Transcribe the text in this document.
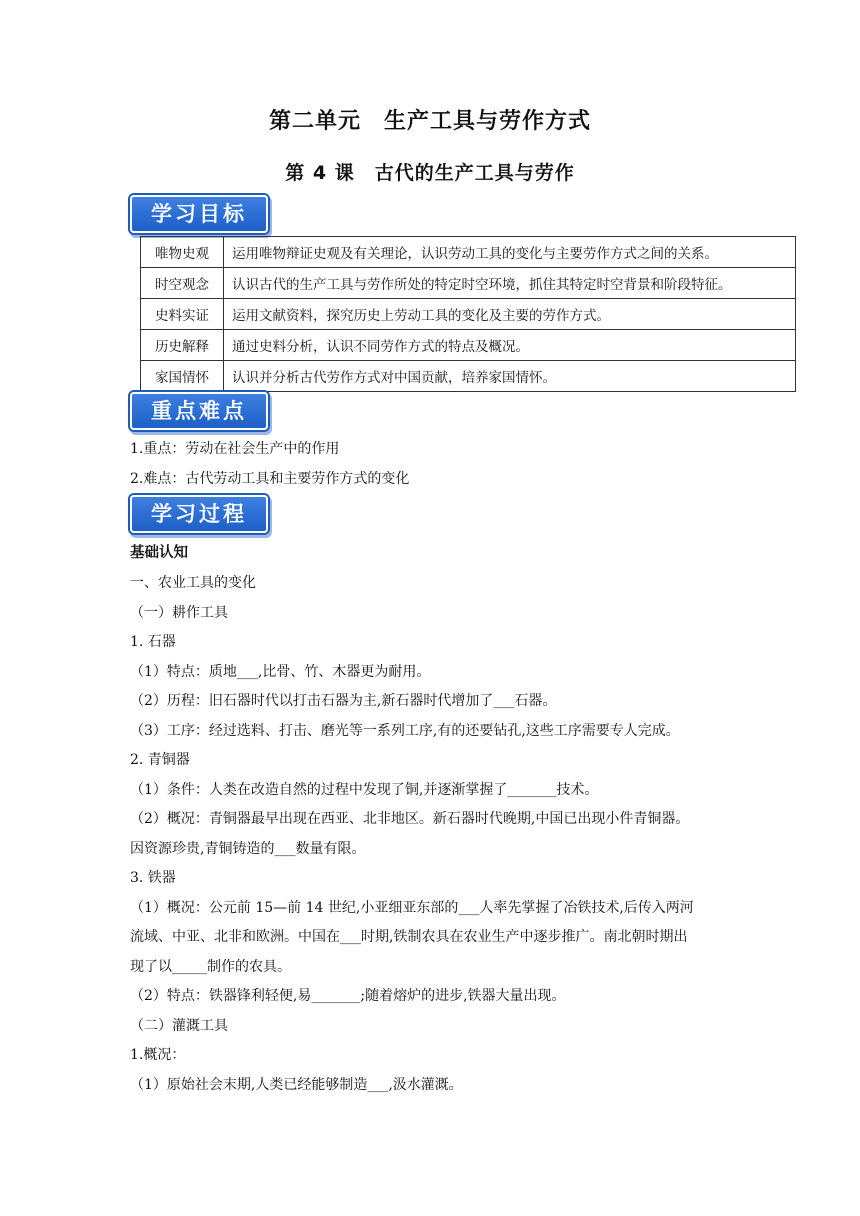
第二单元　生产工具与劳作方式
第 4 课　古代的生产工具与劳作
学习目标
唯物史观	运用唯物辩证史观及有关理论，认识劳动工具的变化与主要劳作方式之间的关系。
时空观念	认识古代的生产工具与劳作所处的特定时空环境，抓住其特定时空背景和阶段特征。
史料实证	运用文献资料，探究历史上劳动工具的变化及主要的劳作方式。
历史解释	通过史料分析，认识不同劳作方式的特点及概况。
家国情怀	认识并分析古代劳作方式对中国贡献，培养家国情怀。
重点难点
1.重点：劳动在社会生产中的作用
2.难点：古代劳动工具和主要劳作方式的变化
学习过程
基础认知
一、农业工具的变化
（一）耕作工具
1. 石器
（1）特点：质地___,比骨、竹、木器更为耐用。
（2）历程：旧石器时代以打击石器为主,新石器时代增加了___石器。
（3）工序：经过选料、打击、磨光等一系列工序,有的还要钻孔,这些工序需要专人完成。
2. 青铜器
（1）条件：人类在改造自然的过程中发现了铜,并逐渐掌握了_______技术。
（2）概况：青铜器最早出现在西亚、北非地区。新石器时代晚期,中国已出现小件青铜器。
因资源珍贵,青铜铸造的___数量有限。
3. 铁器
（1）概况：公元前 15—前 14 世纪,小亚细亚东部的___人率先掌握了冶铁技术,后传入两河
流域、中亚、北非和欧洲。中国在___时期,铁制农具在农业生产中逐步推广。南北朝时期出
现了以_____制作的农具。
（2）特点：铁器锋利轻便,易_______;随着熔炉的进步,铁器大量出现。
（二）灌溉工具
1.概况：
（1）原始社会末期,人类已经能够制造___,汲水灌溉。
